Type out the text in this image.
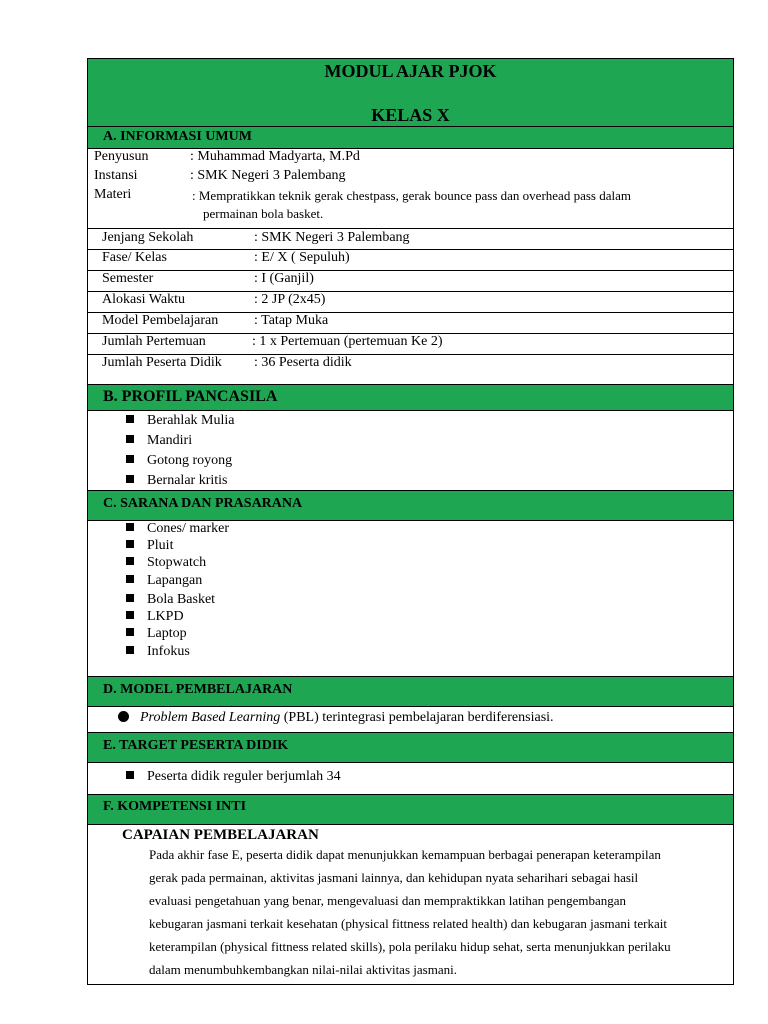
MODUL AJAR PJOK
KELAS X
A. INFORMASI UMUM
Penyusun	: Muhammad Madyarta, M.Pd
Instansi	: SMK Negeri 3 Palembang
Materi	: Mempratikkan teknik gerak chestpass, gerak bounce pass dan overhead pass dalam
permainan bola basket.
Jenjang Sekolah	: SMK Negeri 3 Palembang
Fase/ Kelas	: E/ X ( Sepuluh)
Semester	: I (Ganjil)
Alokasi Waktu	: 2 JP (2x45)
Model Pembelajaran	: Tatap Muka
Jumlah Pertemuan	: 1 x Pertemuan (pertemuan Ke 2)
Jumlah Peserta Didik : 36 Peserta didik
B. PROFIL PANCASILA
Berahlak Mulia
Mandiri
Gotong royong
Bernalar kritis
C. SARANA DAN PRASARANA
Cones/ marker
Pluit
Stopwatch
Lapangan
Bola Basket
LKPD
Laptop
Infokus
D. MODEL PEMBELAJARAN
Problem Based Learning (PBL) terintegrasi pembelajaran berdiferensiasi.
E. TARGET PESERTA DIDIK
Peserta didik reguler berjumlah 34
F. KOMPETENSI INTI
CAPAIAN PEMBELAJARAN
Pada akhir fase E, peserta didik dapat menunjukkan kemampuan berbagai penerapan keterampilan
gerak pada permainan, aktivitas jasmani lainnya, dan kehidupan nyata seharihari sebagai hasil
evaluasi pengetahuan yang benar, mengevaluasi dan mempraktikkan latihan pengembangan
kebugaran jasmani terkait kesehatan (physical fittness related health) dan kebugaran jasmani terkait
keterampilan (physical fittness related skills), pola perilaku hidup sehat, serta menunjukkan perilaku
dalam menumbuhkembangkan nilai-nilai aktivitas jasmani.
